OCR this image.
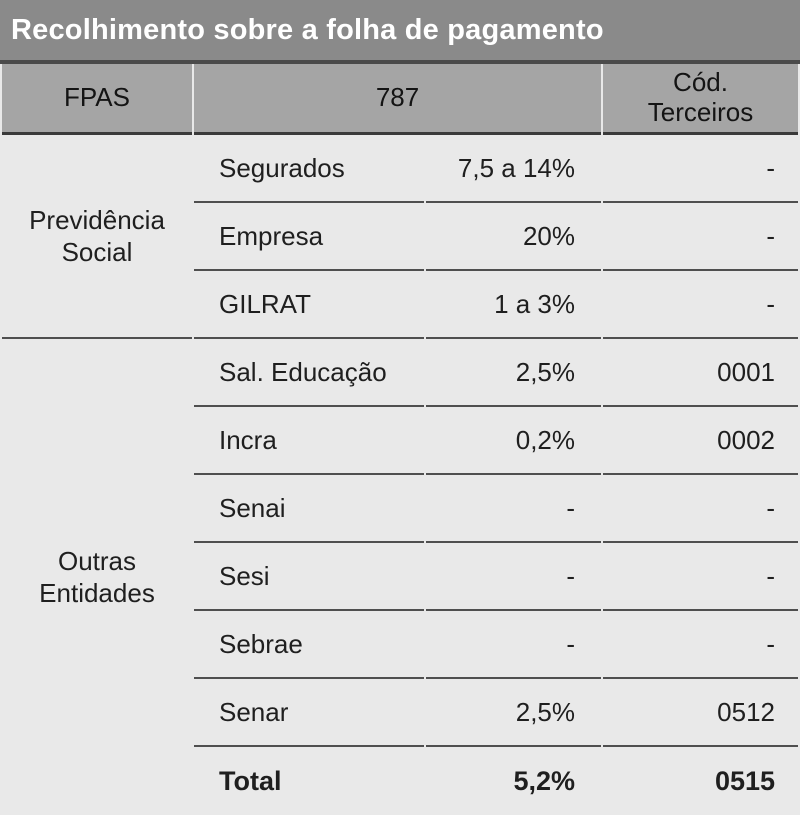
Recolhimento sobre a folha de pagamento
FPAS	787		Cód.
Terceiros

Previdência
Social	Segurados	7,5 a 14%	-
	Empresa	20%	-
	GILRAT	1 a 3%	-

Outras
Entidades	Sal. Educação	2,5%	0001
	Incra	0,2%	0002
	Senai	-	-
	Sesi	-	-
	Sebrae	-	-
	Senar	2,5%	0512
	Total	5,2%	0515
